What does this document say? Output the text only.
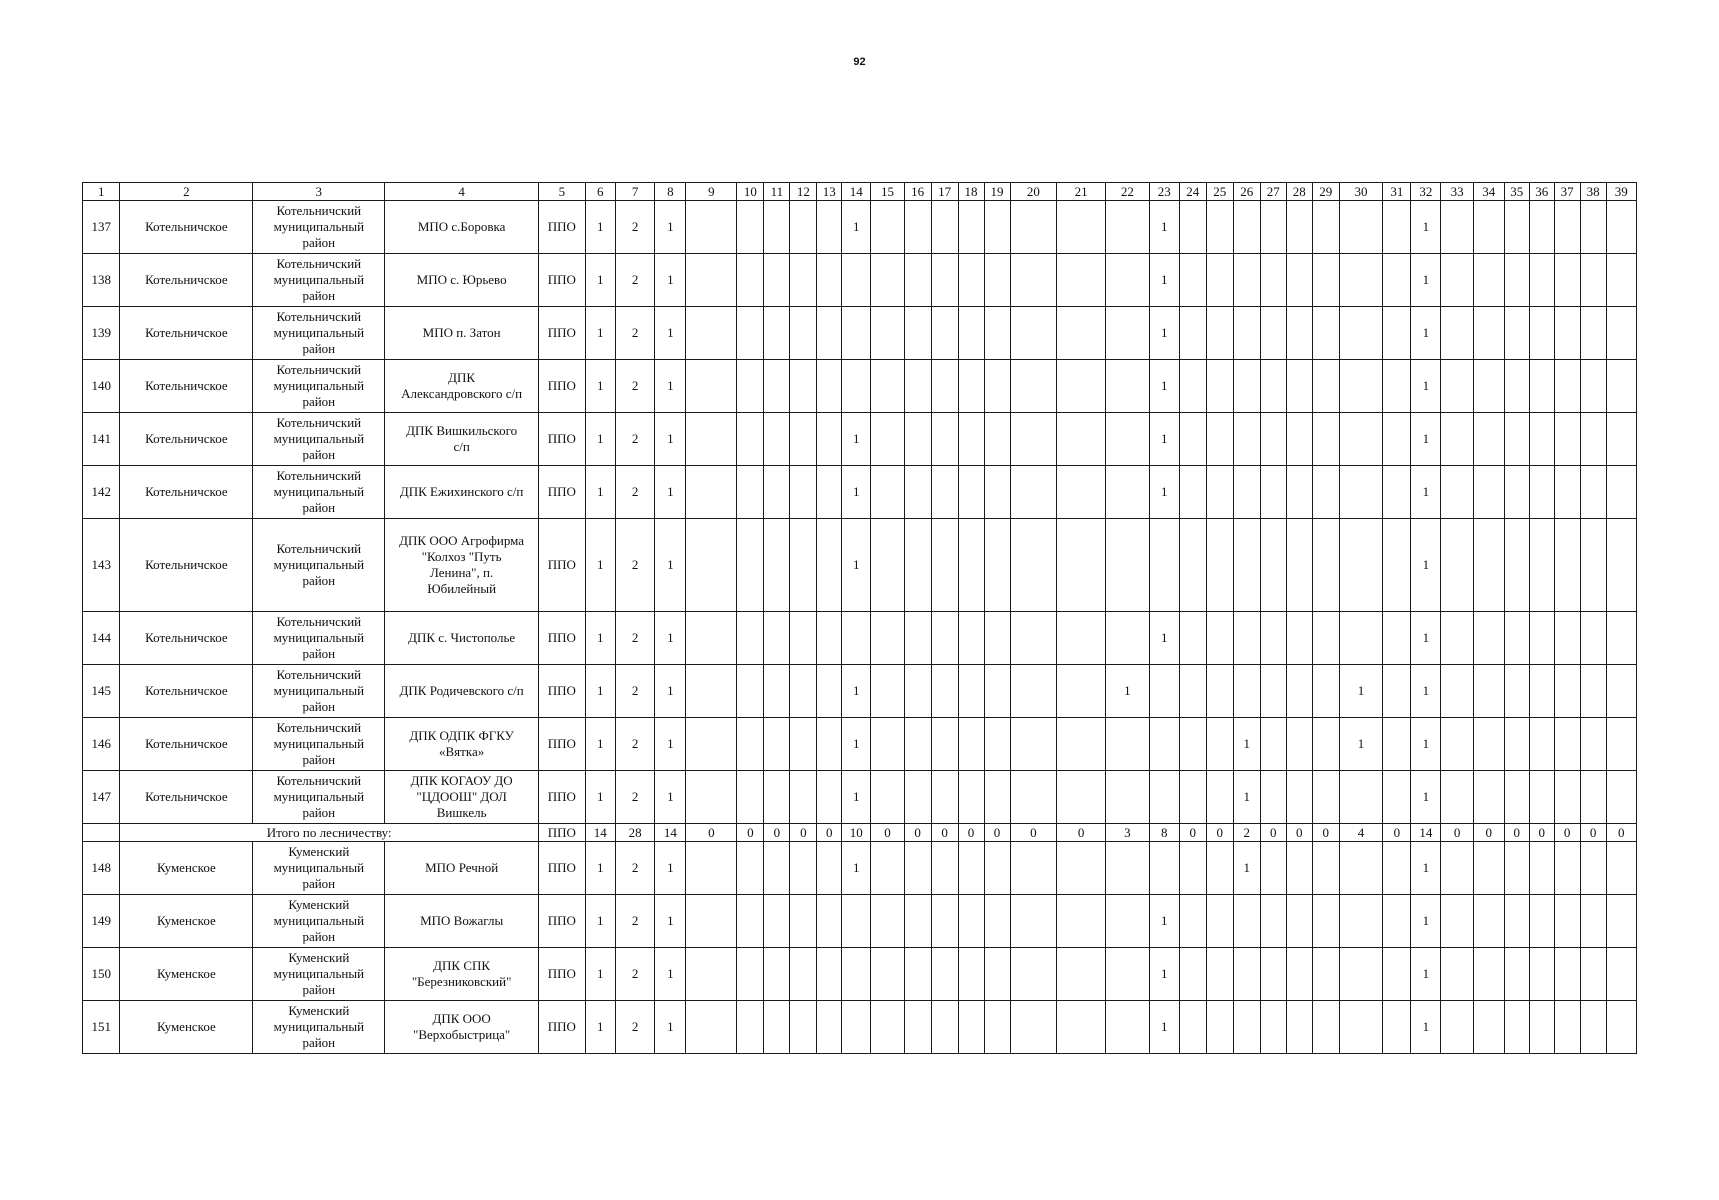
92
1	2	3	4	5	6	7	8	9	10	11	12	13	14	15	16	17	18	19	20	21	22	23	24	25	26	27	28	29	30	31	32	33	34	35	36	37	38	39
137	Котельничское	Котельничский
муниципальный
район	МПО с.Боровка	ППО	1	2	1						1									1									1							
138	Котельничское	Котельничский
муниципальный
район	МПО с. Юрьево	ППО	1	2	1															1									1							
139	Котельничское	Котельничский
муниципальный
район	МПО п. Затон	ППО	1	2	1															1									1							
140	Котельничское	Котельничский
муниципальный
район	ДПК
Александровского с/п	ППО	1	2	1															1									1							
141	Котельничское	Котельничский
муниципальный
район	ДПК Вишкильского
с/п	ППО	1	2	1						1									1									1							
142	Котельничское	Котельничский
муниципальный
район	ДПК Ежихинского с/п	ППО	1	2	1						1									1									1							
143	Котельничское	Котельничский
муниципальный
район	ДПК ООО Агрофирма
"Колхоз "Путь
Ленина", п.
Юбилейный	ППО	1	2	1						1																		1							
144	Котельничское	Котельничский
муниципальный
район	ДПК с. Чистополье	ППО	1	2	1															1									1							
145	Котельничское	Котельничский
муниципальный
район	ДПК Родичевского с/п	ППО	1	2	1						1								1								1		1							
146	Котельничское	Котельничский
муниципальный
район	ДПК ОДПК ФГКУ
«Вятка»	ППО	1	2	1						1												1				1		1							
147	Котельничское	Котельничский
муниципальный
район	ДПК КОГАОУ ДО
"ЦДООШ" ДОЛ
Вишкель	ППО	1	2	1						1												1						1							
	Итого по лесничеству:			ППО	14	28	14	0	0	0	0	0	10	0	0	0	0	0	0	0	3	8	0	0	2	0	0	0	4	0	14	0	0	0	0	0	0	0
148	Куменское	Куменский
муниципальный
район	МПО Речной	ППО	1	2	1						1												1						1							
149	Куменское	Куменский
муниципальный
район	МПО Вожаглы	ППО	1	2	1															1									1							
150	Куменское	Куменский
муниципальный
район	ДПК СПК
"Березниковский"	ППО	1	2	1															1									1							
151	Куменское	Куменский
муниципальный
район	ДПК ООО
"Верхобыстрица"	ППО	1	2	1															1									1							
